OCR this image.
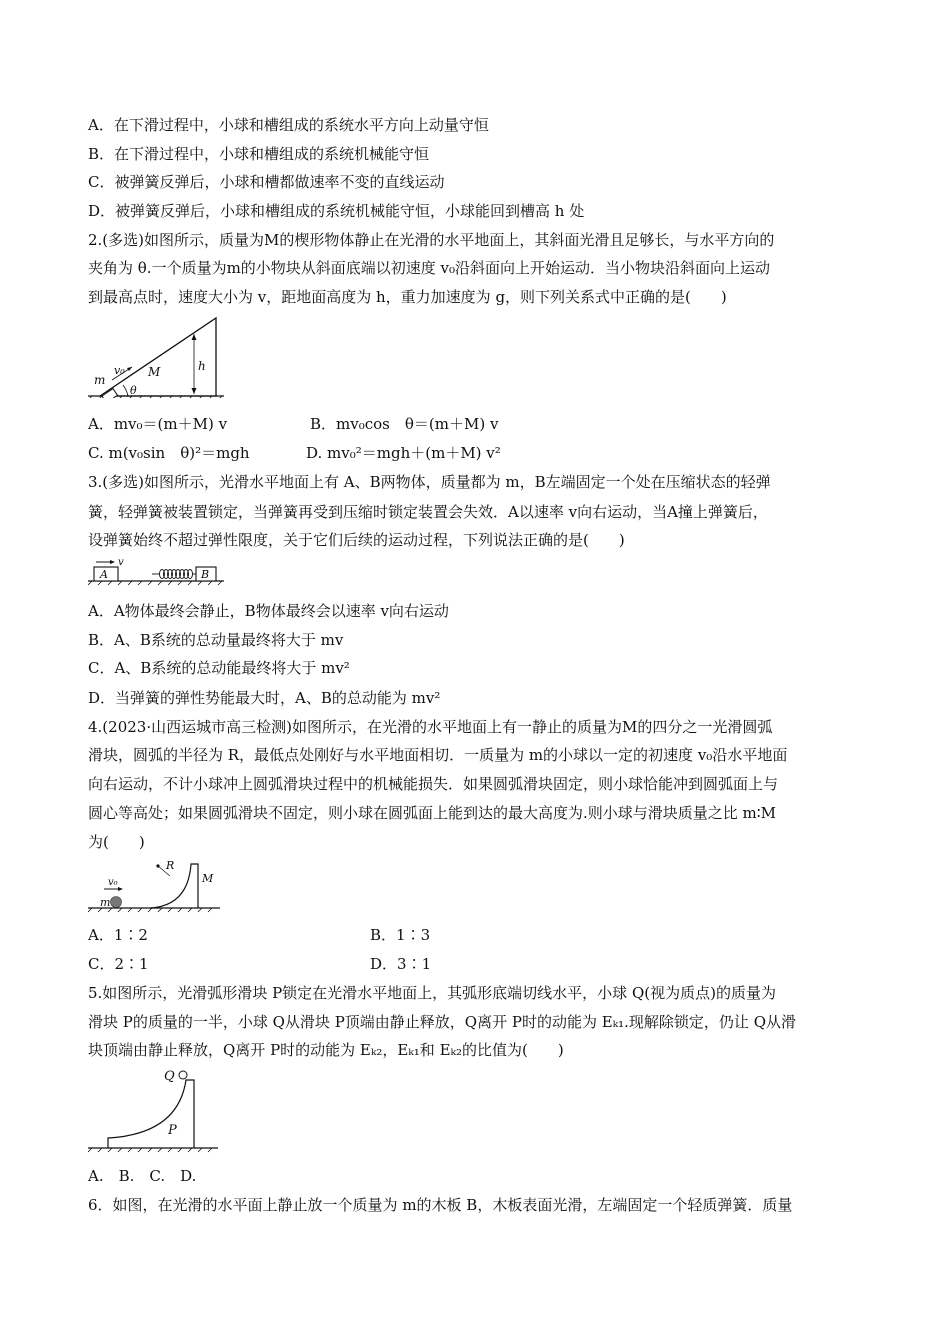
A．在下滑过程中，小球和槽组成的系统水平方向上动量守恒
B．在下滑过程中，小球和槽组成的系统机械能守恒
C．被弹簧反弹后，小球和槽都做速率不变的直线运动
D．被弹簧反弹后，小球和槽组成的系统机械能守恒，小球能回到槽高 h 处
2.(多选)如图所示，质量为M的楔形物体静止在光滑的水平地面上，其斜面光滑且足够长，与水平方向的
夹角为 θ.一个质量为m的小物块从斜面底端以初速度 v₀沿斜面向上开始运动．当小物块沿斜面向上运动
到最高点时，速度大小为 v，距地面高度为 h，重力加速度为 g，则下列关系式中正确的是(　　)
m
v₀ M
θ
h
A．mv₀＝(m＋M) v	B．mv₀cos　θ＝(m＋M) v
C. m(v₀sin　θ)²＝mgh	D. mv₀²＝mgh＋(m＋M) v²
3.(多选)如图所示，光滑水平地面上有 A、B两物体，质量都为 m，B左端固定一个处在压缩状态的轻弹
簧，轻弹簧被装置锁定，当弹簧再受到压缩时锁定装置会失效．A以速率 v向右运动，当A撞上弹簧后，
设弹簧始终不超过弹性限度，关于它们后续的运动过程，下列说法正确的是(　　)
A
v
B
A．A物体最终会静止，B物体最终会以速率 v向右运动
B．A、B系统的总动量最终将大于 mv
C．A、B系统的总动能最终将大于 mv²
D．当弹簧的弹性势能最大时，A、B的总动能为 mv²
4.(2023·山西运城市高三检测)如图所示，在光滑的水平地面上有一静止的质量为M的四分之一光滑圆弧
滑块，圆弧的半径为 R，最低点处刚好与水平地面相切．一质量为 m的小球以一定的初速度 v₀沿水平地面
向右运动，不计小球冲上圆弧滑块过程中的机械能损失．如果圆弧滑块固定，则小球恰能冲到圆弧面上与
圆心等高处；如果圆弧滑块不固定，则小球在圆弧面上能到达的最大高度为.则小球与滑块质量之比 m∶M
为(　　)
R
M
v₀
m
A．1∶2	B．1∶3
C．2∶1	D．3∶1
5.如图所示，光滑弧形滑块 P锁定在光滑水平地面上，其弧形底端切线水平，小球 Q(视为质点)的质量为
滑块 P的质量的一半，小球 Q从滑块 P顶端由静止释放，Q离开 P时的动能为 Eₖ₁.现解除锁定，仍让 Q从滑
块顶端由静止释放，Q离开 P时的动能为 Eₖ₂，Eₖ₁和 Eₖ₂的比值为(　　)
Q
P
A.　B.　C.　D.
6．如图，在光滑的水平面上静止放一个质量为 m的木板 B，木板表面光滑，左端固定一个轻质弹簧．质量
